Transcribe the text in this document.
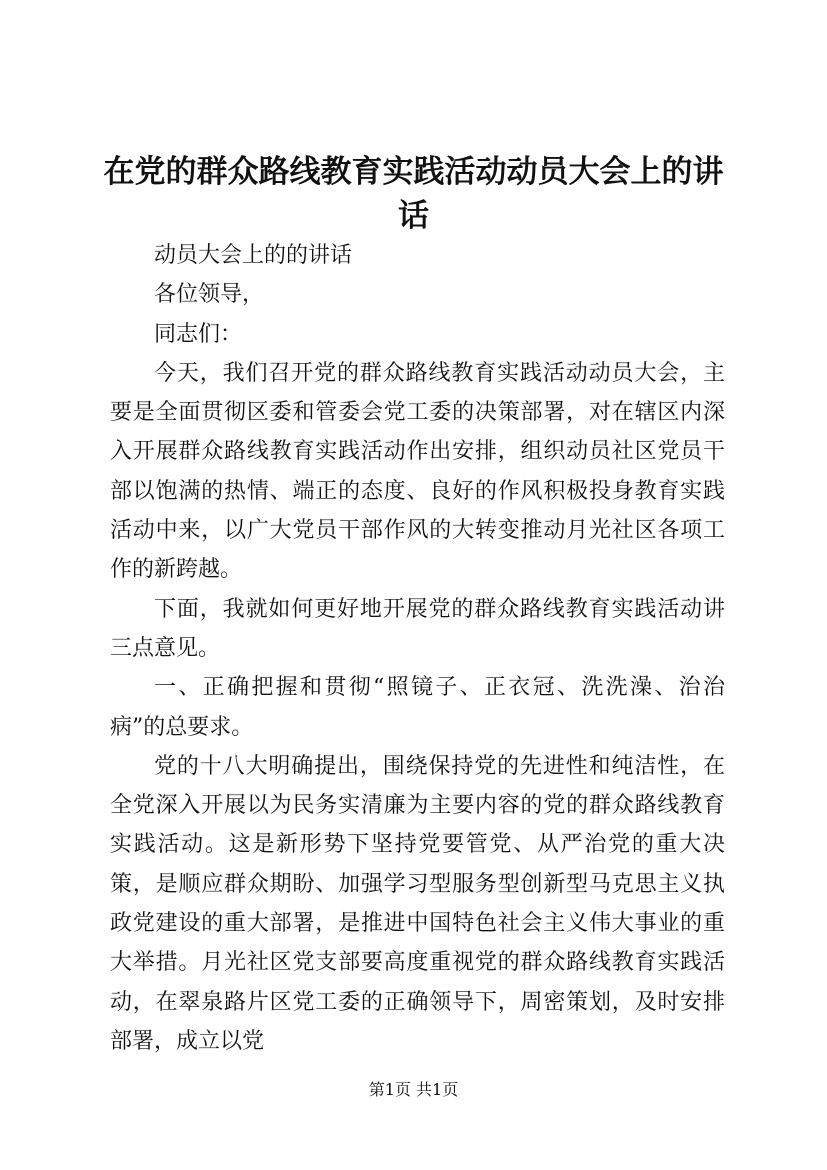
在党的群众路线教育实践活动动员大会上的讲话

动员大会上的的讲话

各位领导，

同志们：

今天，我们召开党的群众路线教育实践活动动员大会，主要是全面贯彻区委和管委会党工委的决策部署，对在辖区内深入开展群众路线教育实践活动作出安排，组织动员社区党员干部以饱满的热情、端正的态度、良好的作风积极投身教育实践活动中来，以广大党员干部作风的大转变推动月光社区各项工作的新跨越。

下面，我就如何更好地开展党的群众路线教育实践活动讲三点意见。

一、正确把握和贯彻“照镜子、正衣冠、洗洗澡、治治病”的总要求。

党的十八大明确提出，围绕保持党的先进性和纯洁性，在全党深入开展以为民务实清廉为主要内容的党的群众路线教育实践活动。这是新形势下坚持党要管党、从严治党的重大决策，是顺应群众期盼、加强学习型服务型创新型马克思主义执政党建设的重大部署，是推进中国特色社会主义伟大事业的重大举措。月光社区党支部要高度重视党的群众路线教育实践活动，在翠泉路片区党工委的正确领导下，周密策划，及时安排部署，成立以党

第1页 共1页
